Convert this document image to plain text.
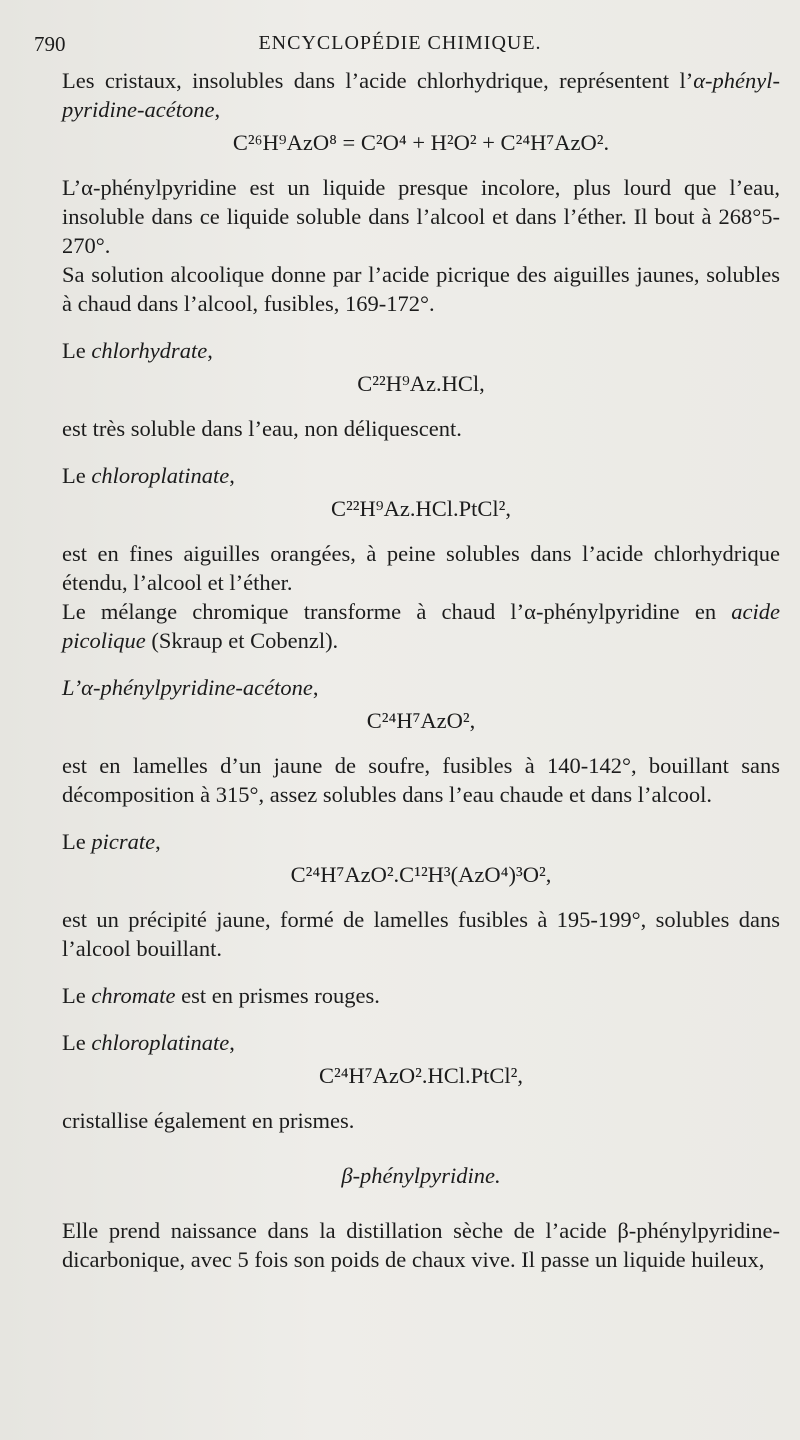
790	ENCYCLOPÉDIE CHIMIQUE.

Les cristaux, insolubles dans l’acide chlorhydrique, représentent l’α-phényl-pyridine-acétone,

C²⁶H⁹AzO⁸ = C²O⁴ + H²O² + C²⁴H⁷AzO².

L’α-phénylpyridine est un liquide presque incolore, plus lourd que l’eau, insoluble dans ce liquide soluble dans l’alcool et dans l’éther. Il bout à 268°5-270°.

Sa solution alcoolique donne par l’acide picrique des aiguilles jaunes, solubles à chaud dans l’alcool, fusibles, 169-172°.

Le chlorhydrate,

C²²H⁹Az.HCl,

est très soluble dans l’eau, non déliquescent.

Le chloroplatinate,

C²²H⁹Az.HCl.PtCl²,

est en fines aiguilles orangées, à peine solubles dans l’acide chlorhydrique étendu, l’alcool et l’éther.

Le mélange chromique transforme à chaud l’α-phénylpyridine en acide picolique (Skraup et Cobenzl).

L’α-phénylpyridine-acétone,

C²⁴H⁷AzO²,

est en lamelles d’un jaune de soufre, fusibles à 140-142°, bouillant sans décomposition à 315°, assez solubles dans l’eau chaude et dans l’alcool.

Le picrate,

C²⁴H⁷AzO².C¹²H³(AzO⁴)³O²,

est un précipité jaune, formé de lamelles fusibles à 195-199°, solubles dans l’alcool bouillant.

Le chromate est en prismes rouges.

Le chloroplatinate,

C²⁴H⁷AzO².HCl.PtCl²,

cristallise également en prismes.

β-phénylpyridine.

Elle prend naissance dans la distillation sèche de l’acide β-phénylpyridine-dicarbonique, avec 5 fois son poids de chaux vive. Il passe un liquide huileux,
